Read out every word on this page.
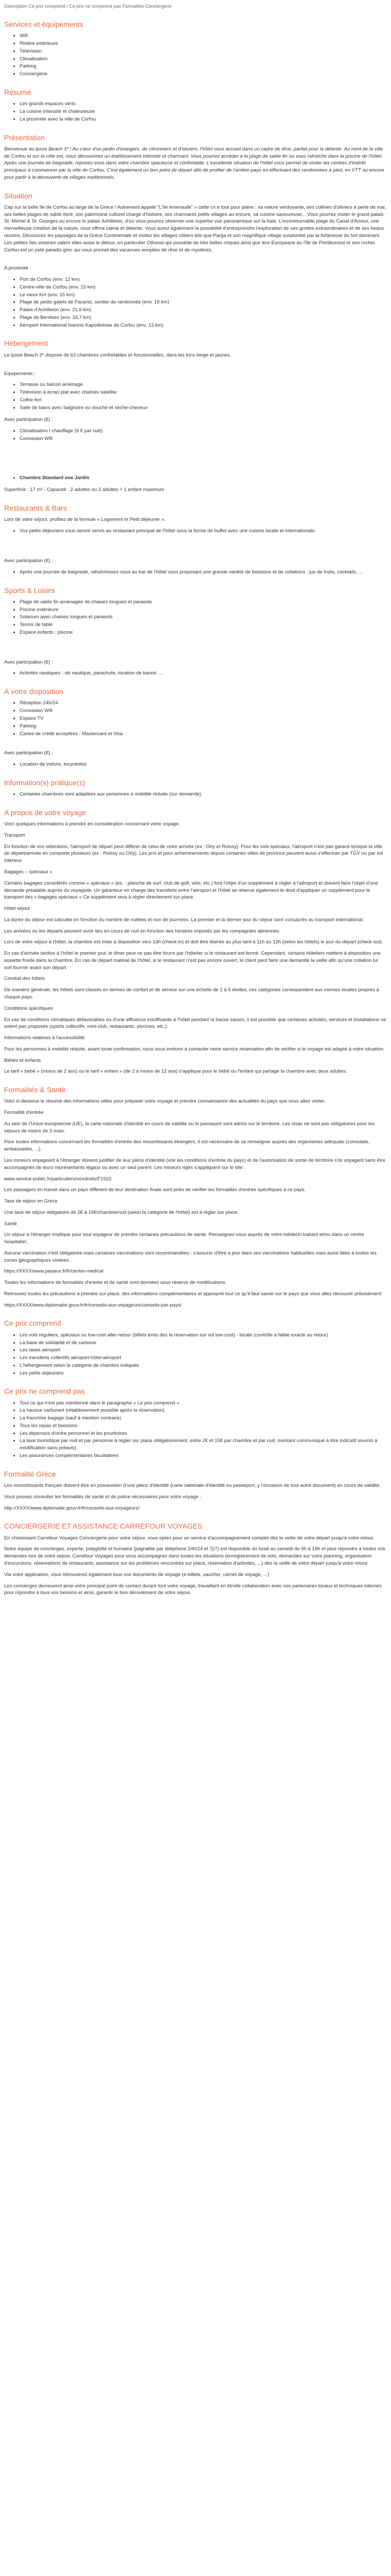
Description Ce prix comprend / Ce prix ne comprend pas Formalités Conciergerie
Services et équipements
• Wifi
• Rivière extérieure
• Télévision
• Climatisation
• Parking
• Conciergerie
Résumé
• Les grands espaces verts
• La cuisine intensité et chaleureuse
• La proximité avec la ville de Corfou
Présentation

Bienvenue au Ipsos Beach 3* ! Au cœur d'un jardin d'orangers, de citronniers et d'oliviers, l'hôtel vous accueil dans un cadre de rêve, parfait pour la détente. Au nord de la ville de Corfou et sur la côte est, nous découvrirez un établissement intimiste et charmant. Vous pourrez accéder à la plage de sable fin ou vous rafraîchir dans la piscine de l'hôtel. Après une journée de baignade, reposez-vous dans votre chambre spacieuse et confortable. L'excellente situation de l'hôtel vous permet de visiter les centres d'intérêt principaux à commencer par la ville de Corfou. C'est également un bon point de départ afin de profiter de l'arrière-pays en effectuant des randonnées à pied, en VTT ou encore pour partir à la découverte de villages traditionnels.

Situation

Cap sur la belle île de Corfou au large de la Grèce ! Autrement appelé "L'île émeraude" » cette cri e tout pour plaire : sa nature verdoyante, ses collines d'oliviers à perte de vue, ses belles plages de sable doré, son patrimoine culturel chargé d'histoire, ses charmants petits villages au encore, sa cuisine savoureuse... Vous pourrez visiter le grand palais St. Michel & St. Georges ou encore le palais Achilleion, d'où vous pourrez observer une superbe vue panoramique sur la baie. L'incontournable plage du Canal d'Amour, une merveilleuse création de la nature, vous offrira calme et détente. Vous aurez également la possibilité d'entreprendre l'exploration de ses grottes extraordinaires et de ses beaux recoins. Découvrez les paysages de la Grèce Continentale et visitez les villages côtiers tels que Parga et son magnifique village surplombé par la forteresse du fort dominant. Les petites îles voisines valent elles aussi le détour, en particulier Othonoi qui possède de très belles criques ainsi que leur Europeane au l'île de Pontikonissi et son rocher. Corfou est un petit paradis grec qui vous promet des vacances remplies de rêve et de mystères.

A proximité :

• Port de Corfou (env. 12 km)
• Centre-ville de Corfou (env. 15 km)
• Le vieux fort (env. 15 km)
• Plage de petits galets de Paramo, sentier de randonnée (env. 19 km)
• Palais d'Achilleion (env. 21,6 km)
• Plage de Benitses (env. 24,7 km)
• Aéroport International Ioannis Kapodistrias de Corfou (env. 13 km)
Hébergement

Le Ipsos Beach 3* dispose de 63 chambres confortables et fonctionnelles, dans les tons beige et jaunes.

Equipements :

• Terrasse ou balcon aménagé
• Télévision à écran plat avec chaînes satellite
• Coffre-fort
• Salle de bains avec baignoire ou douche et sèche-cheveux

Avec participation (€) :

• Climatisation / chauffage (6 € par nuit)
• Connexion Wifi
• Chambre Standard vue Jardin

Superficie : 17 m² - Capacité : 2 adultes ou 2 adultes + 1 enfant maximum

Restaurants & Bars

Lors de votre séjour, profitez de la formule « Logement et Petit déjeuner ».

• Vos petits déjeuners vous seront servis au restaurant principal de l'hôtel sous la forme de buffet avec une cuisine locale et internationale.

Avec participation (€) :

• Après une journée de baignade, rafraîchissez-vous au bar de l'hôtel vous proposant une grande variété de boissons et de collations : jus de fruits, cocktails, ...
Sports & Loisirs
• Plage de sable fin aménagée de chaises longues et parasols
• Piscine extérieure
• Solarium avec chaises longues et parasols
• Tennis de table
• Espace enfants : piscine

Avec participation (€) :

• Activités nautiques : ski nautique, parachute, location de kanoé, ...
À votre disposition
• Réception 24h/24
• Connexion Wifi
• Espace TV
• Parking
• Cartes de crédit acceptées : Mastercard et Visa

Avec participation (€) :

• Location de voiture, bicyclettes
Information(s) pratique(s)
• Certaines chambres sont adaptées aux personnes à mobilité réduite (sur demande).
A propos de votre voyage

Voici quelques informations à prendre en considération concernant votre voyage.

Transport

En fonction de vos sélections, l'aéroport de départ peut différer de celui de votre arrivée (ex : Orly et Roissy). Pour les vols spéciaux, l'aéroport n'est pas garanti lorsque la ville de départ/arrivée en comporte plusieurs (ex : Roissy ou Orly). Les prix et pour acheminements depuis certaines villes de province peuvent aussi s'effectuer par TGV ou par vol intérieur.

Bagages – spéciaux »

Certains bagages considérés comme « spéciaux » (ex. : planche de surf, club de golf, vélo, etc.) font l'objet d'un supplément à régler à l'aéroport et doivent faire l'objet d'une demande préalable auprès du voyagiste. Un garanteur en charge des transferts entre l'aéroport et l'hôtel se réserve également le droit d'appliquer un supplément pour le transport des « bagages spéciaux » Ce supplément sera à régler directement sur place.

Hôtel séjour

La durée du séjour est calculée en fonction du nombre de nuitées et non de journées. La premier et la dernier jour du séjour sont consacrés au transport international.

Les arrivées ou les départs peuvent avoir lieu en cours de nuit en fonction des horaires imposés par les compagnies aériennes.

Lors de votre séjour à l'hôtel, la chambre est mise à disposition vers 13h (check-in) et doit être libérée au plus tard à 11h ou 12h (selon les hôtels) le jour du départ (check out).

En cas d'arrivée tardive à l'hôtel le premier jour, le dîner peut ne pas être fourni par l'hôtelier si le restaurant est fermé. Cependant, certains hôteliers mettent à disposition une assiette froide dans la chambre. En cas de départ matinal de l'hôtel, si le restaurant n'est pas encore ouvert, le client peut faire une demande la veille afin qu'une collation lui soit fournie avant son départ.

Conduit des hôtels

De manière générale, les hôtels sont classés en termes de confort et de service sur une échelle de 2 à 5 étoiles, ces catégories correspondent aux normes locales propres à chaque pays.

Conditions spécifiques

En cas de conditions climatiques défavorables ou d'une affluence insuffisante à l'hôtel pendant la basse saison, il est possible que certaines activités, services et installations ne soient pas proposés (sports collectifs, mini-club, restaurants, piscines, etc.).

Informations relatives à l'accessibilité

Pour les personnes à mobilité réduite, avant toute confirmation, nous vous invitons à contacter notre service réservation afin de vérifier si le voyage est adapté à votre situation.

Bébés et enfants

Le tarif « bébé » (moins de 2 ans) ou le tarif « enfant » (de 2 à moins de 12 ans) s'applique pour le bébé ou l'enfant qui partage la chambre avec deux adultes.

Formalités & Santé

Voici ci-dessous le résumé des informations utiles pour préparer votre voyage et prendre connaissance des actualités du pays que vous allez visiter.

Formalité d'entrée

Au sein de l'Union européenne (UE), la carte nationale d'identité en cours de validité ou le passeport sont admis sur le territoire. Les visas ne sont pas obligatoires pour les séjours de moins de 3 mois.

Pour toutes informations concernant les formalités d'entrée des ressortissants étrangers, il est nécessaire de se renseigner auprès des organismes adéquats (consulats, ambassades, ...).

Les mineurs voyageant à l'étranger doivent justifier de leur pièce d'identité (voir les conditions d'entrée du pays) et de l'autorisation de sortie de territoire s'ils voyagent sans être accompagnés de leurs représentants légaux ou avec un seul parent. Les mineurs rigés s'appliquent sur le site :

www.service-public.fr/particuliers/vosdroits/F1922

Les passagers en transit dans un pays différent de leur destination finale sont priés de vérifier les formalités d'entrée spécifiques à ce pays.

Taxe de séjour en Grèce

Une taxe de séjour obligatoire de 2€ à 15€/chambre/nuit (selon la catégorie de l'hôtel) est à régler sur place.

Santé

Un séjour à l'étranger implique pour tout voyageur de prendre certaines précautions de santé. Renseignez-vous auprès de votre médecin traitant et/ou dans un centre hospitalier.

Aucune vaccination n'est obligatoire mais certaines vaccinations sont recommandées : s'assurer d'être à jour dans ses vaccinations habituelles mais aussi liées à toutes les zones géographiques visitées.

https://XXXX/www.pasteur.fr/fr/centre-medical

Toutes les informations de formalités d'entrée et de santé sont données sous réserve de modifications.

Retrouvez toutes les précautions à prendre sur place, des informations complémentaires et approprié tout ce qu'il faut savoir sur le pays que vous allez découvrir précisément:

https://XXXX/www.diplomatie.gouv.fr/fr/conseils-aux-voyageurs/conseils-par-pays/

Ce prix comprend
• Les vols réguliers, spéciaux ou low-cost aller-retour (billets émis dès la réservation sur vol low-cost) - locale (contrôle à faible exacte au retour)
• La base de solidarité et de carbone
• Les taxes aéroport
• Les transferts collectifs aéroport-hôtel-aéroport
• L'hébergement selon la catégorie de chambre indiquée
• Les petits déjeuners
Ce prix ne comprend pas
• Tout ce qui n'est pas mentionné dans le paragraphe « Le prix comprend »
• La hausse carburant (rétablissement possible après la réservation)
• La franchise bagage (sauf à mention contraire)
• Tous les repas et boissons
• Les dépenses d'ordre personnel et les pourboires
• La taxe touristique par nuit et par personne à régler sur place obligatoirement, entre 2€ et 15€ par chambre et par nuit, montant communiqué à titre indicatif soumis à modification sans préavis)
• Les assurances complémentaires facultatives
Formalité Grèce

Les ressortissants français doivent être en possession d'une pièce d'identité (carte nationale d'identité ou passeport, y l'occasion de tout autre document) en cours de validité.

Vous pouvez consulter les formalités de santé et de police nécessaires pour votre voyage :

http://XXXX/www.diplomatie.gouv.fr/fr/conseils-aux-voyageurs/

CONCIERGERIE ET ASSISTANCE CARREFOUR VOYAGES

En choisissant Carrefour Voyages Conciergerie pour votre séjour, vous optez pour un service d'accompagnement complet dès la veille de votre départ jusqu'à votre retour.

Notre équipe de concierges, experte, polyglotte et humaine (joignable par téléphone 24h/24 et 7j/7) est disponible du lundi au samedi de 9h à 19h et peut répondre à toutes vos demandes lors de votre séjour. Carrefour Voyages pour vous accompagner dans toutes les situations (enregistrement de vols, demandes sur votre planning, organisation d'excursions, réservations de restaurants, assistance sur les problèmes rencontrés sur place, réservation d'activités, ...) dès la veille de votre départ jusqu'à votre retour.

Via votre application, vous retrouverez également tous vos documents de voyage (e-billets, vaucher, carnet de voyage, ...)

Les concierges demeurent ainsi votre principal point de contact durant tout votre voyage, travaillant en étroite collaboration avec nos partenaires locaux et techniques internes pour répondre à tous vos besoins et ainsi, garantir le bon déroulement de votre séjour.
